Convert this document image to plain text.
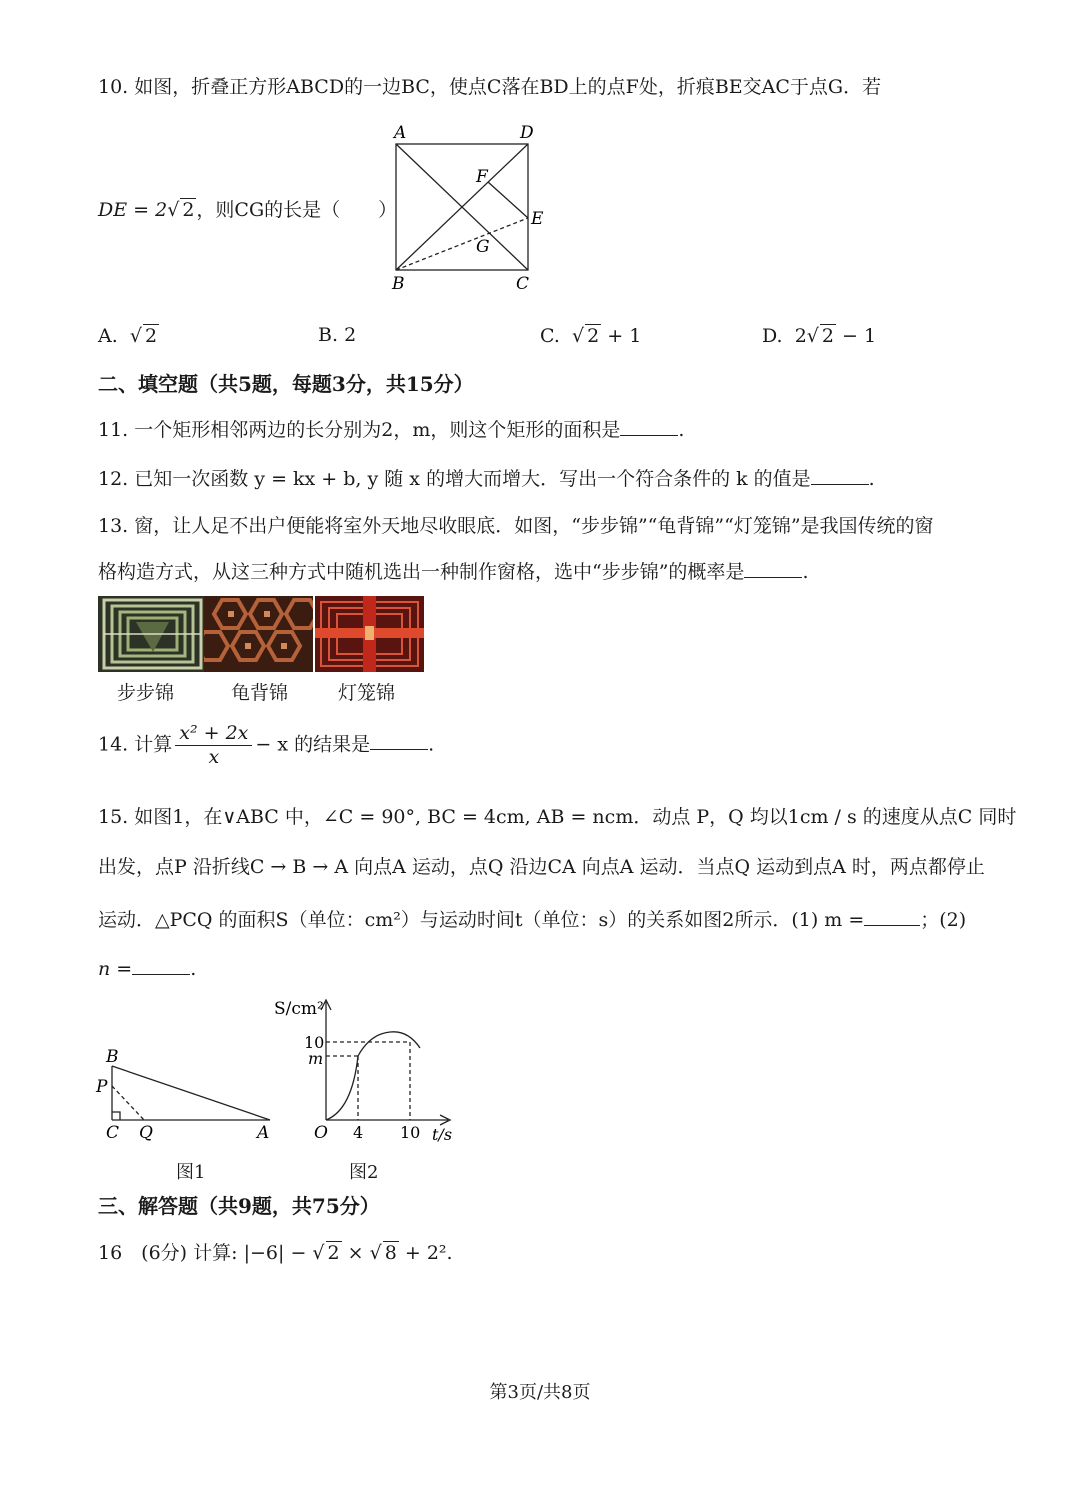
10. 如图，折叠正方形ABCD的一边BC，使点C落在BD上的点F处，折痕BE交AC于点G．若
A	D
F
E
G
B	C
DE = 2√ 2 ，则CG的长是（　　）
A. √ 2	B. 2	C. √ 2 + 1	D. 2√ 2 − 1
二、填空题（共5题，每题3分，共15分）
11. 一个矩形相邻两边的长分别为2，m，则这个矩形的面积是	.
12. 已知一次函数 y = kx + b, y 随 x 的增大而增大．写出一个符合条件的 k 的值是	.
13. 窗，让人足不出户便能将室外天地尽收眼底．如图，“步步锦”“龟背锦”“灯笼锦”是我国传统的窗
格构造方式，从这三种方式中随机选出一种制作窗格，选中“步步锦”的概率是	.
步步锦	龟背锦	灯笼锦
14. 计算 $\frac{\text{x² + 2x}}{x} - x$ 的结果是	.
15. 如图1，在∨ABC 中，∠C = 90°, BC = 4cm, AB = ncm．动点 P，Q 均以1cm / s 的速度从点C 同时
出发，点P 沿折线C → B → A 向点A 运动，点Q 沿边CA 向点A 运动．当点Q 运动到点A 时，两点都停止
运动．△PCQ 的面积S（单位：cm²）与运动时间t（单位：s）的关系如图2所示．(1) m =	；(2)
n =	.
B
P
C Q	A
图1
S/cm²
10
m
O 4 10 t/s
图2
三、解答题（共9题，共75分）
16　(6分) 计算: |−6| − √ 2 × √ 8 + 2².
第3页/共8页
